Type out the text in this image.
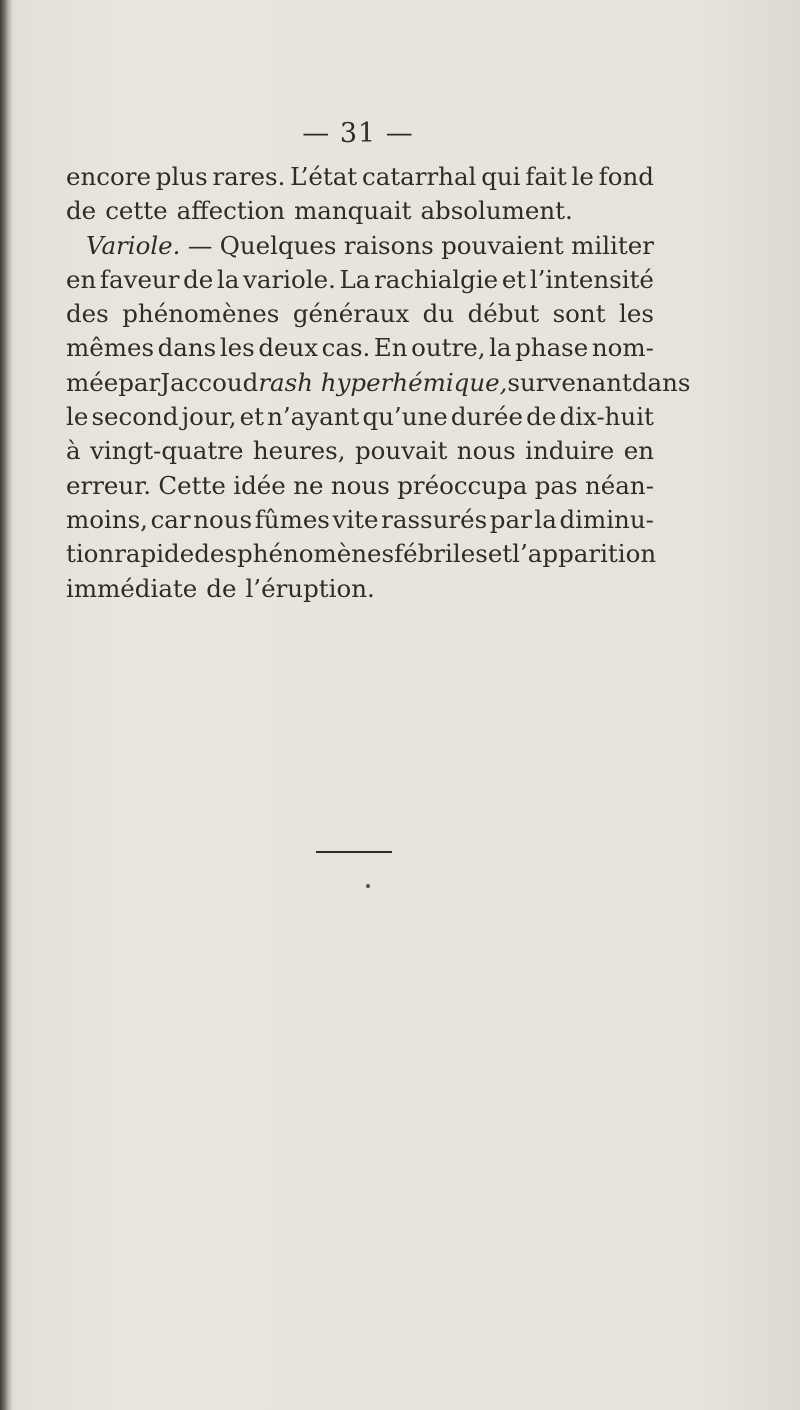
— 31 —
encore plus rares. L’état catarrhal qui fait le fond
de cette affection manquait absolument.
Variole. — Quelques raisons pouvaient militer
en faveur de la variole. La rachialgie et l’intensité
des phénomènes généraux du début sont les
mêmes dans les deux cas. En outre, la phase nom-
mée par Jaccoud rash hyperhémique, survenant dans
le second jour, et n’ayant qu’une durée de dix-huit
à vingt-quatre heures, pouvait nous induire en
erreur. Cette idée ne nous préoccupa pas néan-
moins, car nous fûmes vite rassurés par la diminu-
tion rapide des phénomènes fébriles et l’apparition
immédiate de l’éruption.
